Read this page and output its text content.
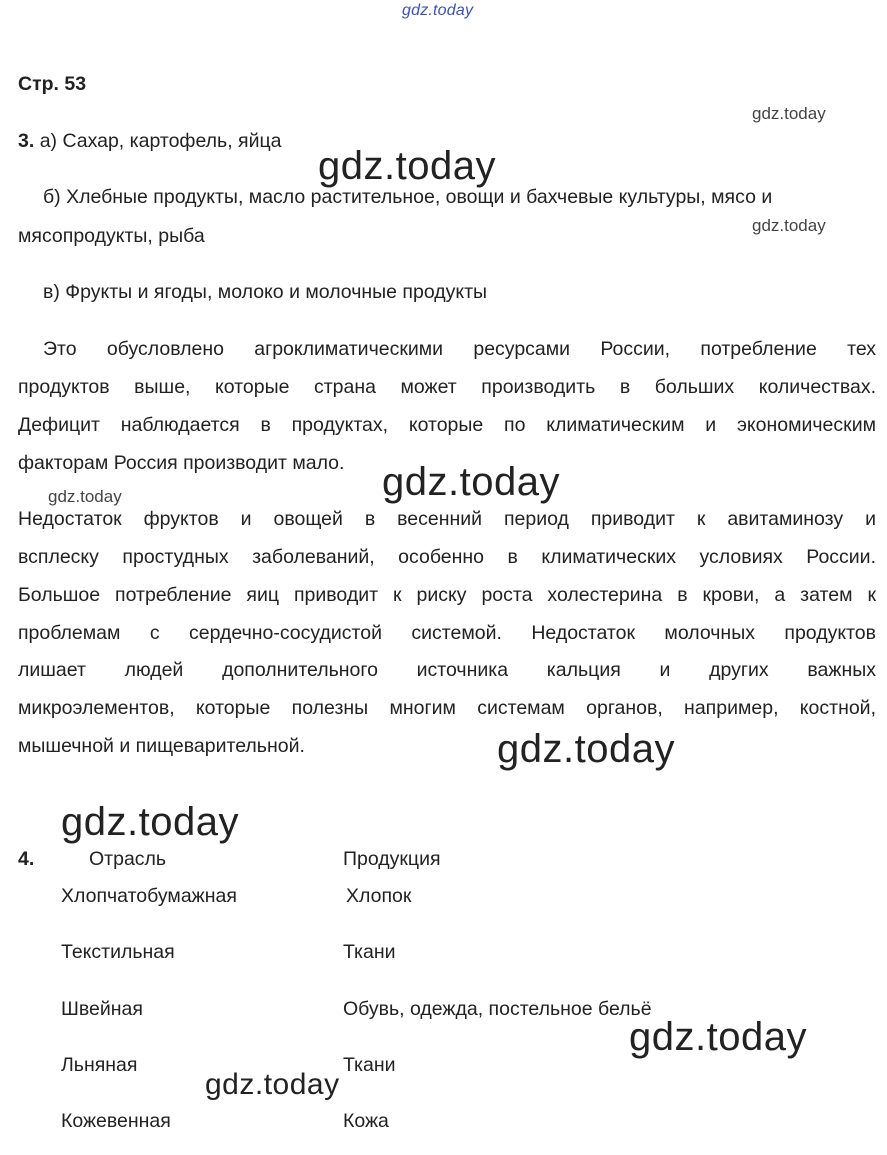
gdz.today
gdz.today
gdz.today
gdz.today
gdz.today
gdz.today
gdz.today
gdz.today
gdz.today
gdz.today
Стр. 53
3. а) Сахар, картофель, яйца
б) Хлебные продукты, масло растительное, овощи и бахчевые культуры, мясо и
мясопродукты, рыба
в) Фрукты и ягоды, молоко и молочные продукты
Это обусловлено агроклиматическими ресурсами России, потребление тех
продуктов выше, которые страна может производить в больших количествах.
Дефицит наблюдается в продуктах, которые по климатическим и экономическим
факторам Россия производит мало.
Недостаток фруктов и овощей в весенний период приводит к авитаминозу и
всплеску простудных заболеваний, особенно в климатических условиях России.
Большое потребление яиц приводит к риску роста холестерина в крови, а затем к
проблемам с сердечно-сосудистой системой. Недостаток молочных продуктов
лишает людей дополнительного источника кальция и других важных
микроэлементов, которые полезны многим системам органов, например, костной,
мышечной и пищеварительной.
4.	Отрасль	Продукция
Хлопчатобумажная	Хлопок
Текстильная	Ткани
Швейная	Обувь, одежда, постельное бельё
Льняная	Ткани
Кожевенная	Кожа
